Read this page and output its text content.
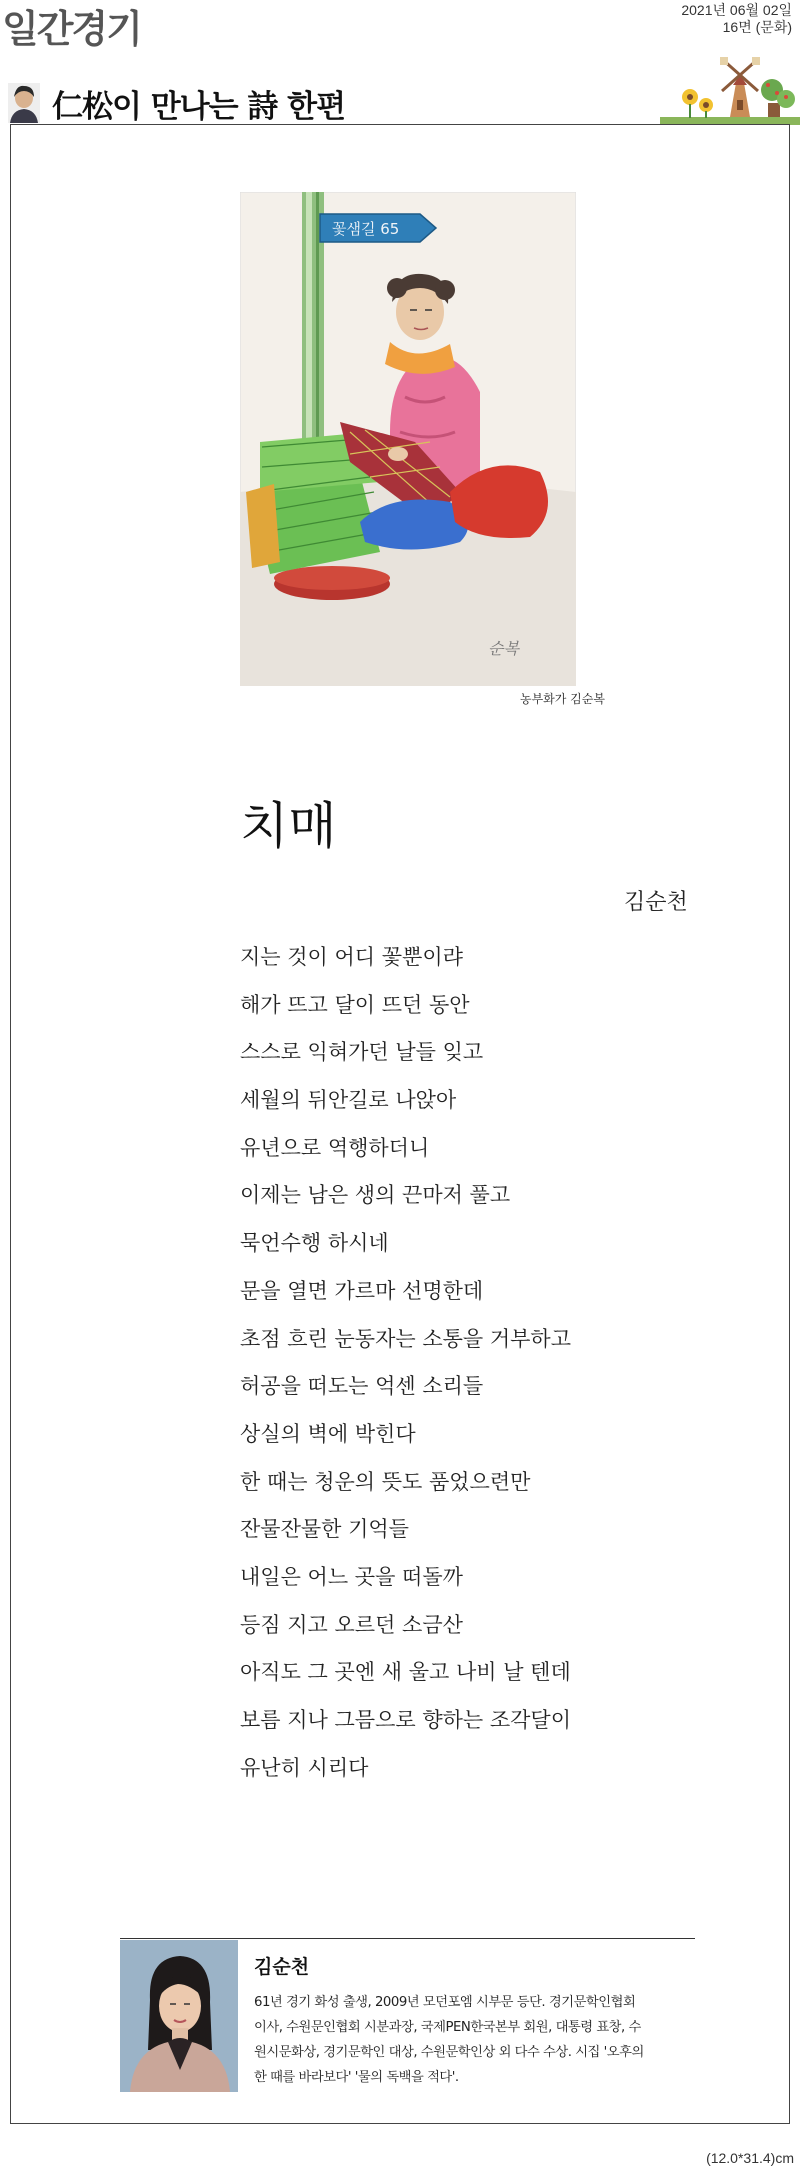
일간경기	2021년 06월 02일
16면 (문화)
仁松이 만나는 詩 한편
꽃샘길 65
순복
농부화가 김순복
치매
김순천
지는 것이 어디 꽃뿐이랴
해가 뜨고 달이 뜨던 동안
스스로 익혀가던 날들 잊고
세월의 뒤안길로 나앉아
유년으로 역행하더니
이제는 남은 생의 끈마저 풀고
묵언수행 하시네
문을 열면 가르마 선명한데
초점 흐린 눈동자는 소통을 거부하고
허공을 떠도는 억센 소리들
상실의 벽에 박힌다
한 때는 청운의 뜻도 품었으련만
잔물잔물한 기억들
내일은 어느 곳을 떠돌까
등짐 지고 오르던 소금산
아직도 그 곳엔 새 울고 나비 날 텐데
보름 지나 그믐으로 향하는 조각달이
유난히 시리다
김순천
61년 경기 화성 출생, 2009년 모던포엠 시부문 등단. 경기문학인협회
이사, 수원문인협회 시분과장, 국제PEN한국본부 회원, 대통령 표창, 수
원시문화상, 경기문학인 대상, 수원문학인상 외 다수 수상. 시집 '오후의
한 때를 바라보다' '물의 독백을 적다'.
(12.0*31.4)cm
